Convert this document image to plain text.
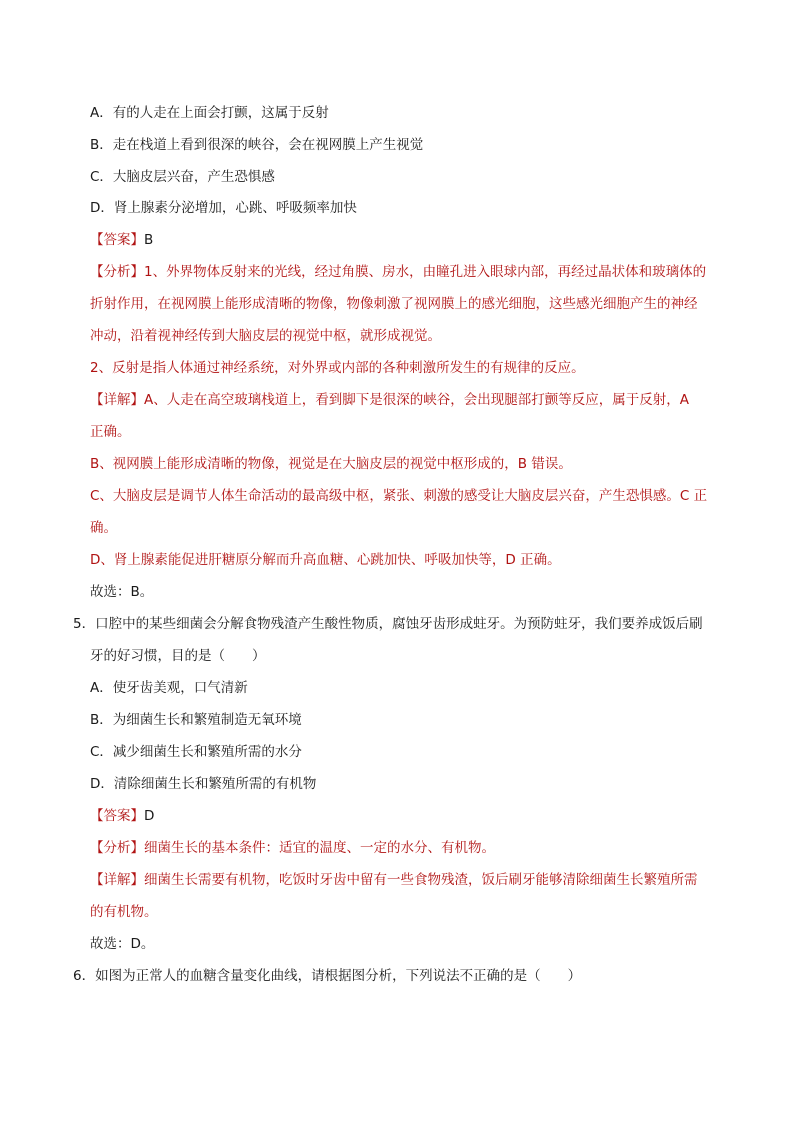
A．有的人走在上面会打颤，这属于反射
B．走在栈道上看到很深的峡谷，会在视网膜上产生视觉
C．大脑皮层兴奋，产生恐惧感
D．肾上腺素分泌增加，心跳、呼吸频率加快
【答案】B
【分析】1、外界物体反射来的光线，经过角膜、房水，由瞳孔进入眼球内部，再经过晶状体和玻璃体的
折射作用，在视网膜上能形成清晰的物像，物像刺激了视网膜上的感光细胞，这些感光细胞产生的神经
冲动，沿着视神经传到大脑皮层的视觉中枢，就形成视觉。
2、反射是指人体通过神经系统，对外界或内部的各种刺激所发生的有规律的反应。
【详解】A、人走在高空玻璃栈道上，看到脚下是很深的峡谷，会出现腿部打颤等反应，属于反射，A
正确。
B、视网膜上能形成清晰的物像，视觉是在大脑皮层的视觉中枢形成的，B 错误。
C、大脑皮层是调节人体生命活动的最高级中枢，紧张、刺激的感受让大脑皮层兴奋，产生恐惧感。C 正
确。
D、肾上腺素能促进肝糖原分解而升高血糖、心跳加快、呼吸加快等，D 正确。
故选：B。
5．口腔中的某些细菌会分解食物残渣产生酸性物质，腐蚀牙齿形成蛀牙。为预防蛀牙，我们要养成饭后刷
牙的好习惯，目的是（　　）
A．使牙齿美观，口气清新
B．为细菌生长和繁殖制造无氧环境
C．减少细菌生长和繁殖所需的水分
D．清除细菌生长和繁殖所需的有机物
【答案】D
【分析】细菌生长的基本条件：适宜的温度、一定的水分、有机物。
【详解】细菌生长需要有机物，吃饭时牙齿中留有一些食物残渣，饭后刷牙能够清除细菌生长繁殖所需
的有机物。
故选：D。
6．如图为正常人的血糖含量变化曲线，请根据图分析，下列说法不正确的是（　　）
